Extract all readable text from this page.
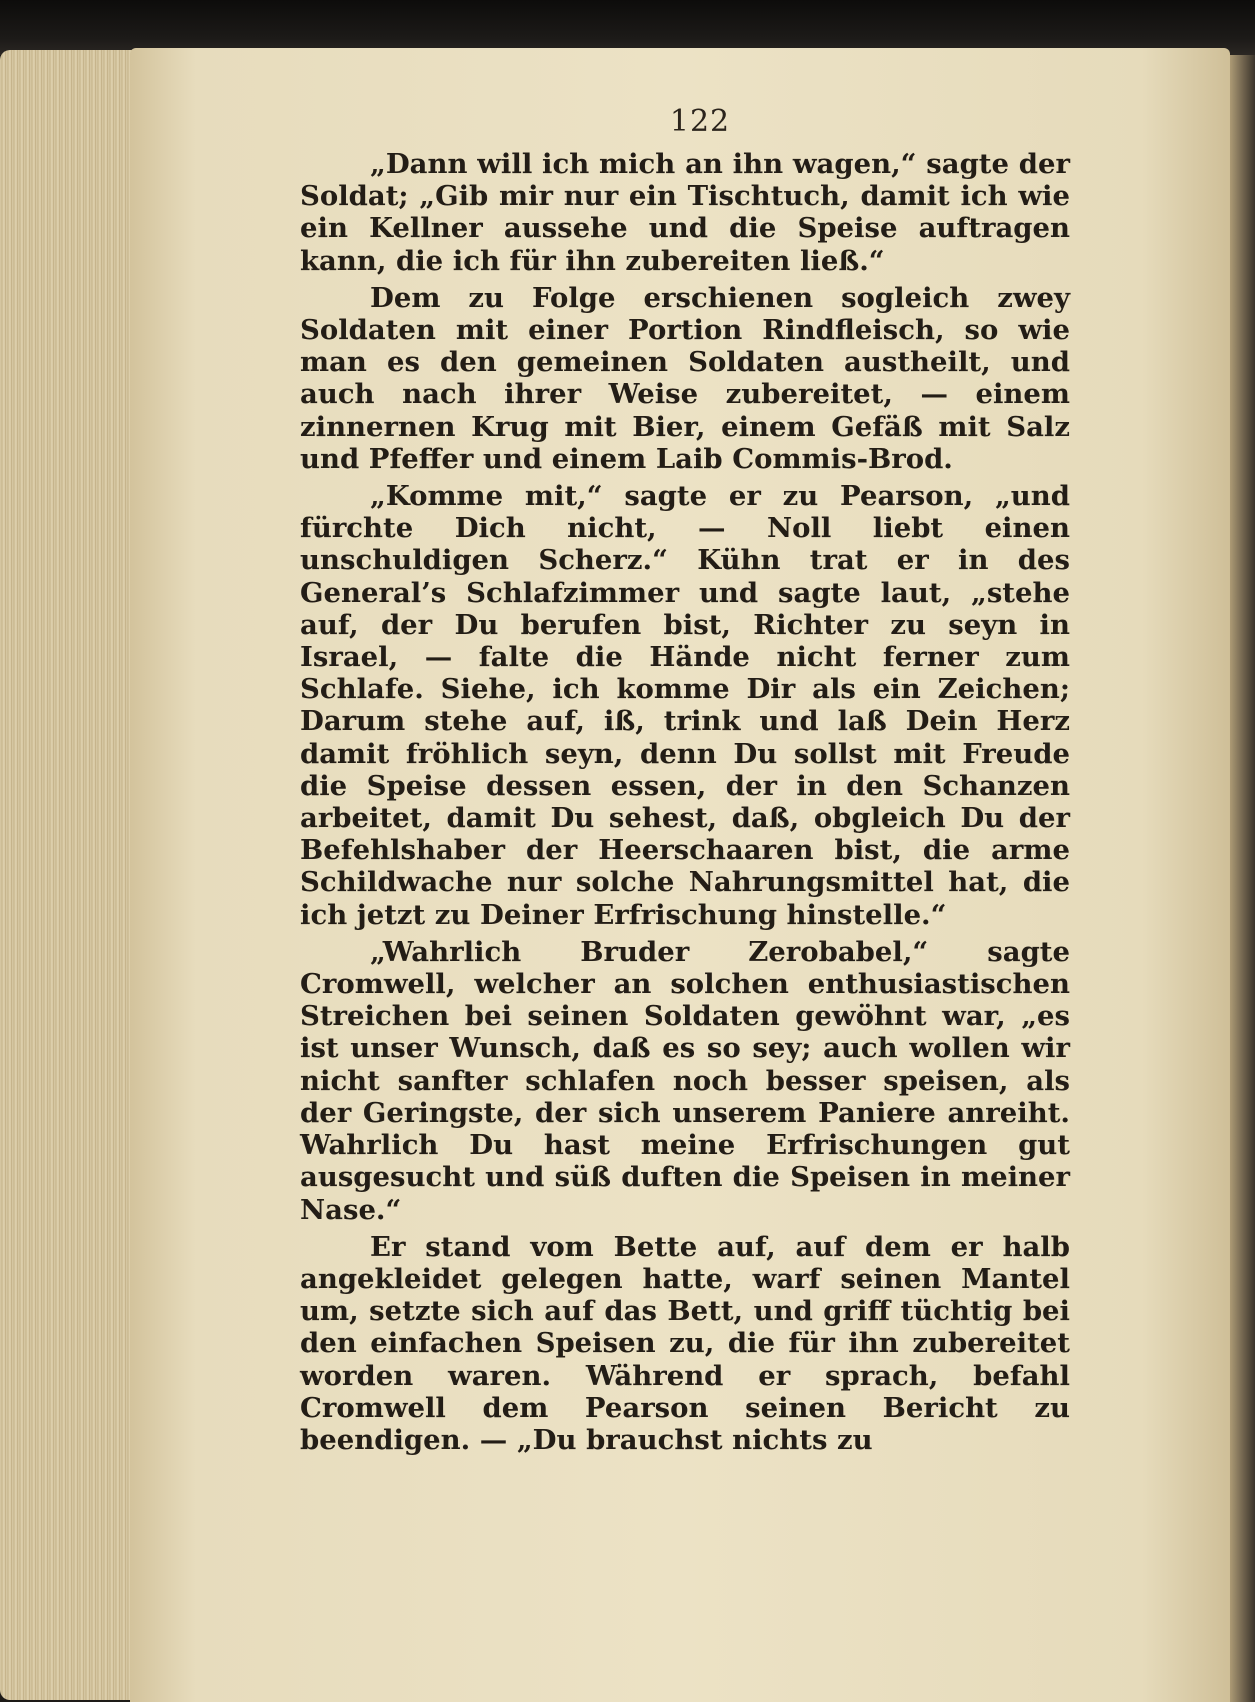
122

„Dann will ich mich an ihn wagen,“ sagte der Soldat; „Gib mir nur ein Tischtuch, damit ich wie ein Kellner aussehe und die Speise auftragen kann, die ich für ihn zubereiten ließ.“

Dem zu Folge erschienen sogleich zwey Soldaten mit einer Portion Rindfleisch, so wie man es den gemeinen Soldaten austheilt, und auch nach ihrer Weise zubereitet, — einem zinnernen Krug mit Bier, einem Gefäß mit Salz und Pfeffer und einem Laib Commis-Brod.

„Komme mit,“ sagte er zu Pearson, „und fürchte Dich nicht, — Noll liebt einen unschuldigen Scherz.“ Kühn trat er in des General’s Schlafzimmer und sagte laut, „stehe auf, der Du berufen bist, Richter zu seyn in Israel, — falte die Hände nicht ferner zum Schlafe. Siehe, ich komme Dir als ein Zeichen; Darum stehe auf, iß, trink und laß Dein Herz damit fröhlich seyn, denn Du sollst mit Freude die Speise dessen essen, der in den Schanzen arbeitet, damit Du sehest, daß, obgleich Du der Befehlshaber der Heerschaaren bist, die arme Schildwache nur solche Nahrungsmittel hat, die ich jetzt zu Deiner Erfrischung hinstelle.“

„Wahrlich Bruder Zerobabel,“ sagte Cromwell, welcher an solchen enthusiastischen Streichen bei seinen Soldaten gewöhnt war, „es ist unser Wunsch, daß es so sey; auch wollen wir nicht sanfter schlafen noch besser speisen, als der Geringste, der sich unserem Paniere anreiht. Wahrlich Du hast meine Erfrischungen gut ausgesucht und süß duften die Speisen in meiner Nase.“

Er stand vom Bette auf, auf dem er halb angekleidet gelegen hatte, warf seinen Mantel um, setzte sich auf das Bett, und griff tüchtig bei den einfachen Speisen zu, die für ihn zubereitet worden waren. Während er sprach, befahl Cromwell dem Pearson seinen Bericht zu beendigen. — „Du brauchst nichts zu
